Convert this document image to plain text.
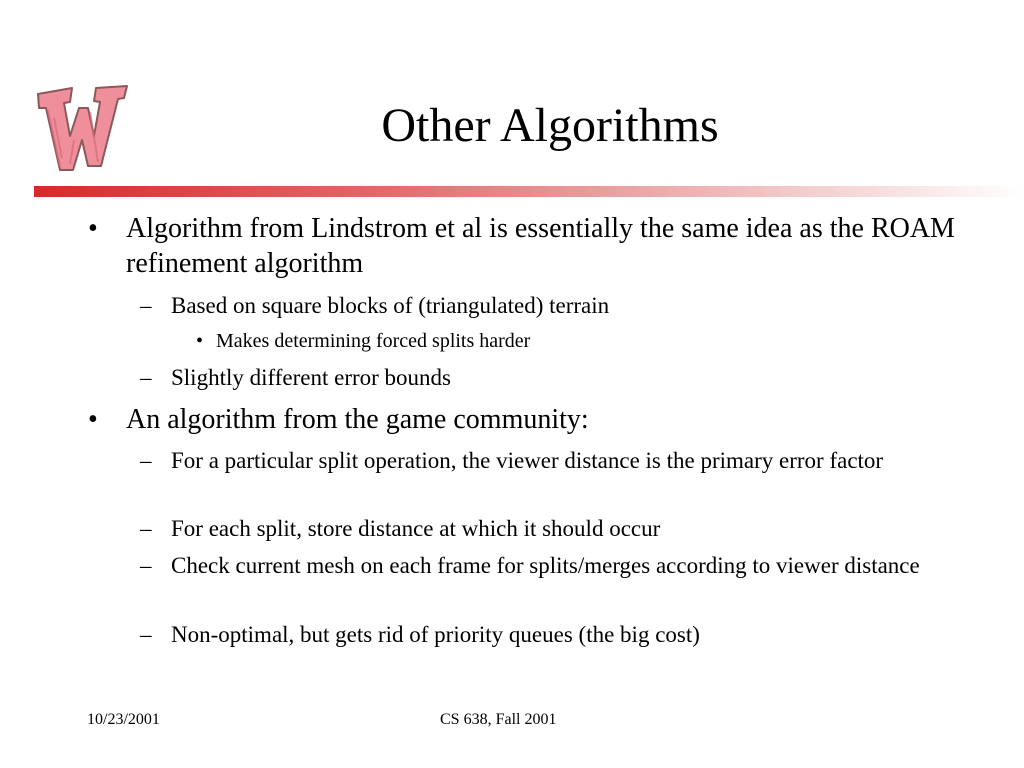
Other Algorithms
• Algorithm from Lindstrom et al is essentially the same idea as the ROAM refinement algorithm
– Based on square blocks of (triangulated) terrain
• Makes determining forced splits harder
– Slightly different error bounds
• An algorithm from the game community:
– For a particular split operation, the viewer distance is the primary error factor
– For each split, store distance at which it should occur
– Check current mesh on each frame for splits/merges according to viewer distance
– Non-optimal, but gets rid of priority queues (the big cost)
10/23/2001	CS 638, Fall 2001
